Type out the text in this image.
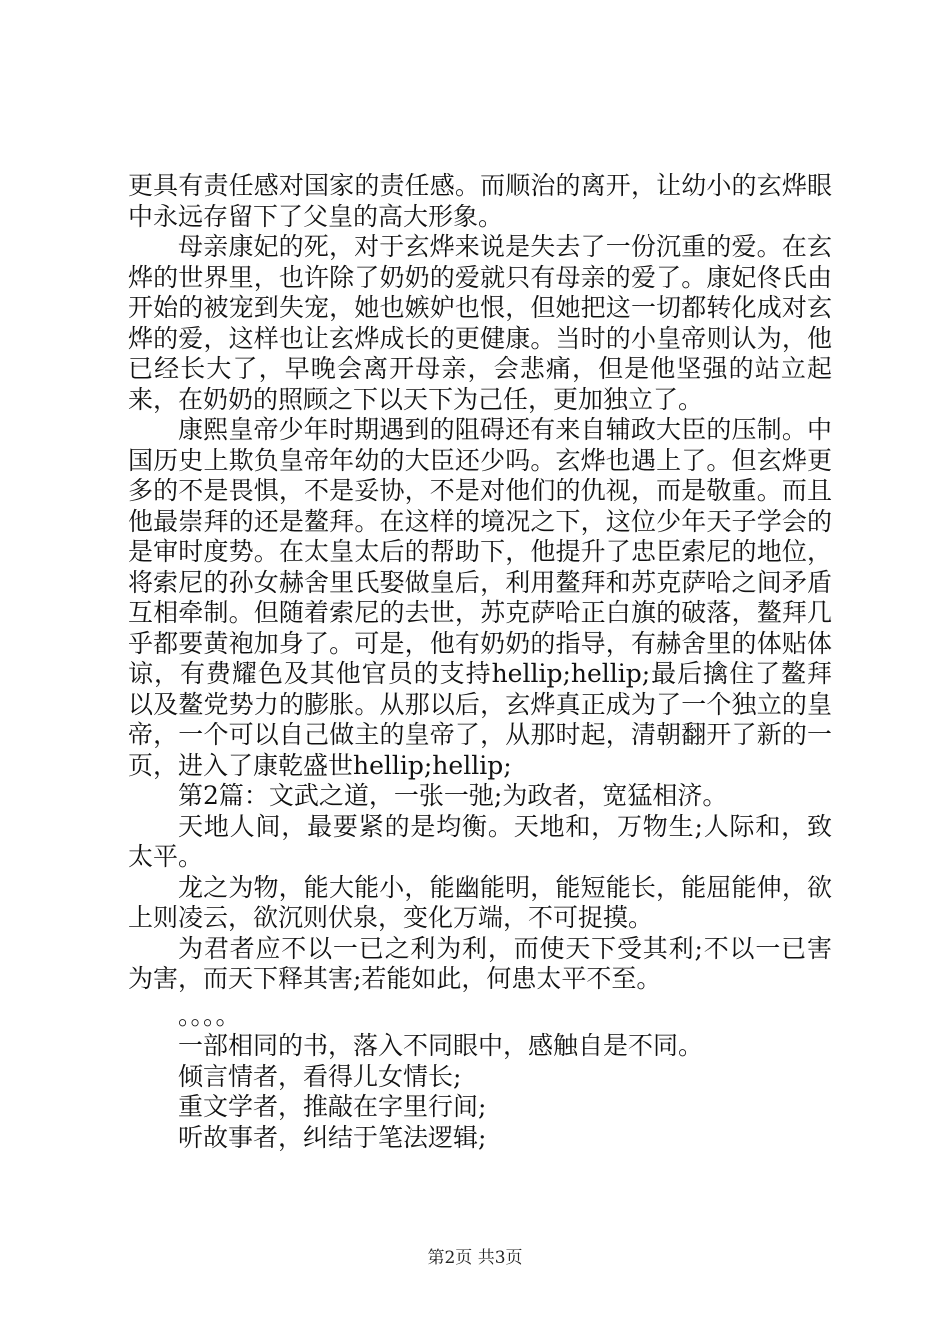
更具有责任感对国家的责任感。而顺治的离开，让幼小的玄烨眼中永远存留下了父皇的高大形象。

母亲康妃的死，对于玄烨来说是失去了一份沉重的爱。在玄烨的世界里，也许除了奶奶的爱就只有母亲的爱了。康妃佟氏由开始的被宠到失宠，她也嫉妒也恨，但她把这一切都转化成对玄烨的爱，这样也让玄烨成长的更健康。当时的小皇帝则认为，他已经长大了，早晚会离开母亲，会悲痛，但是他坚强的站立起来，在奶奶的照顾之下以天下为己任，更加独立了。

康熙皇帝少年时期遇到的阻碍还有来自辅政大臣的压制。中国历史上欺负皇帝年幼的大臣还少吗。玄烨也遇上了。但玄烨更多的不是畏惧，不是妥协，不是对他们的仇视，而是敬重。而且他最崇拜的还是鳌拜。在这样的境况之下，这位少年天子学会的是审时度势。在太皇太后的帮助下，他提升了忠臣索尼的地位，将索尼的孙女赫舍里氏娶做皇后，利用鳌拜和苏克萨哈之间矛盾互相牵制。但随着索尼的去世，苏克萨哈正白旗的破落，鳌拜几乎都要黄袍加身了。可是，他有奶奶的指导，有赫舍里的体贴体谅，有费耀色及其他官员的支持hellip;hellip;最后擒住了鳌拜以及鳌党势力的膨胀。从那以后，玄烨真正成为了一个独立的皇帝，一个可以自己做主的皇帝了，从那时起，清朝翻开了新的一页，进入了康乾盛世hellip;hellip;

第2篇：文武之道，一张一弛;为政者，宽猛相济。

天地人间，最要紧的是均衡。天地和，万物生;人际和，致太平。

龙之为物，能大能小，能幽能明，能短能长，能屈能伸，欲上则凌云，欲沉则伏泉，变化万端，不可捉摸。

为君者应不以一已之利为利，而使天下受其利;不以一已害为害，而天下释其害;若能如此，何患太平不至。

。。。。

一部相同的书，落入不同眼中，感触自是不同。

倾言情者，看得儿女情长;

重文学者，推敲在字里行间;

听故事者，纠结于笔法逻辑;

第2页 共3页
